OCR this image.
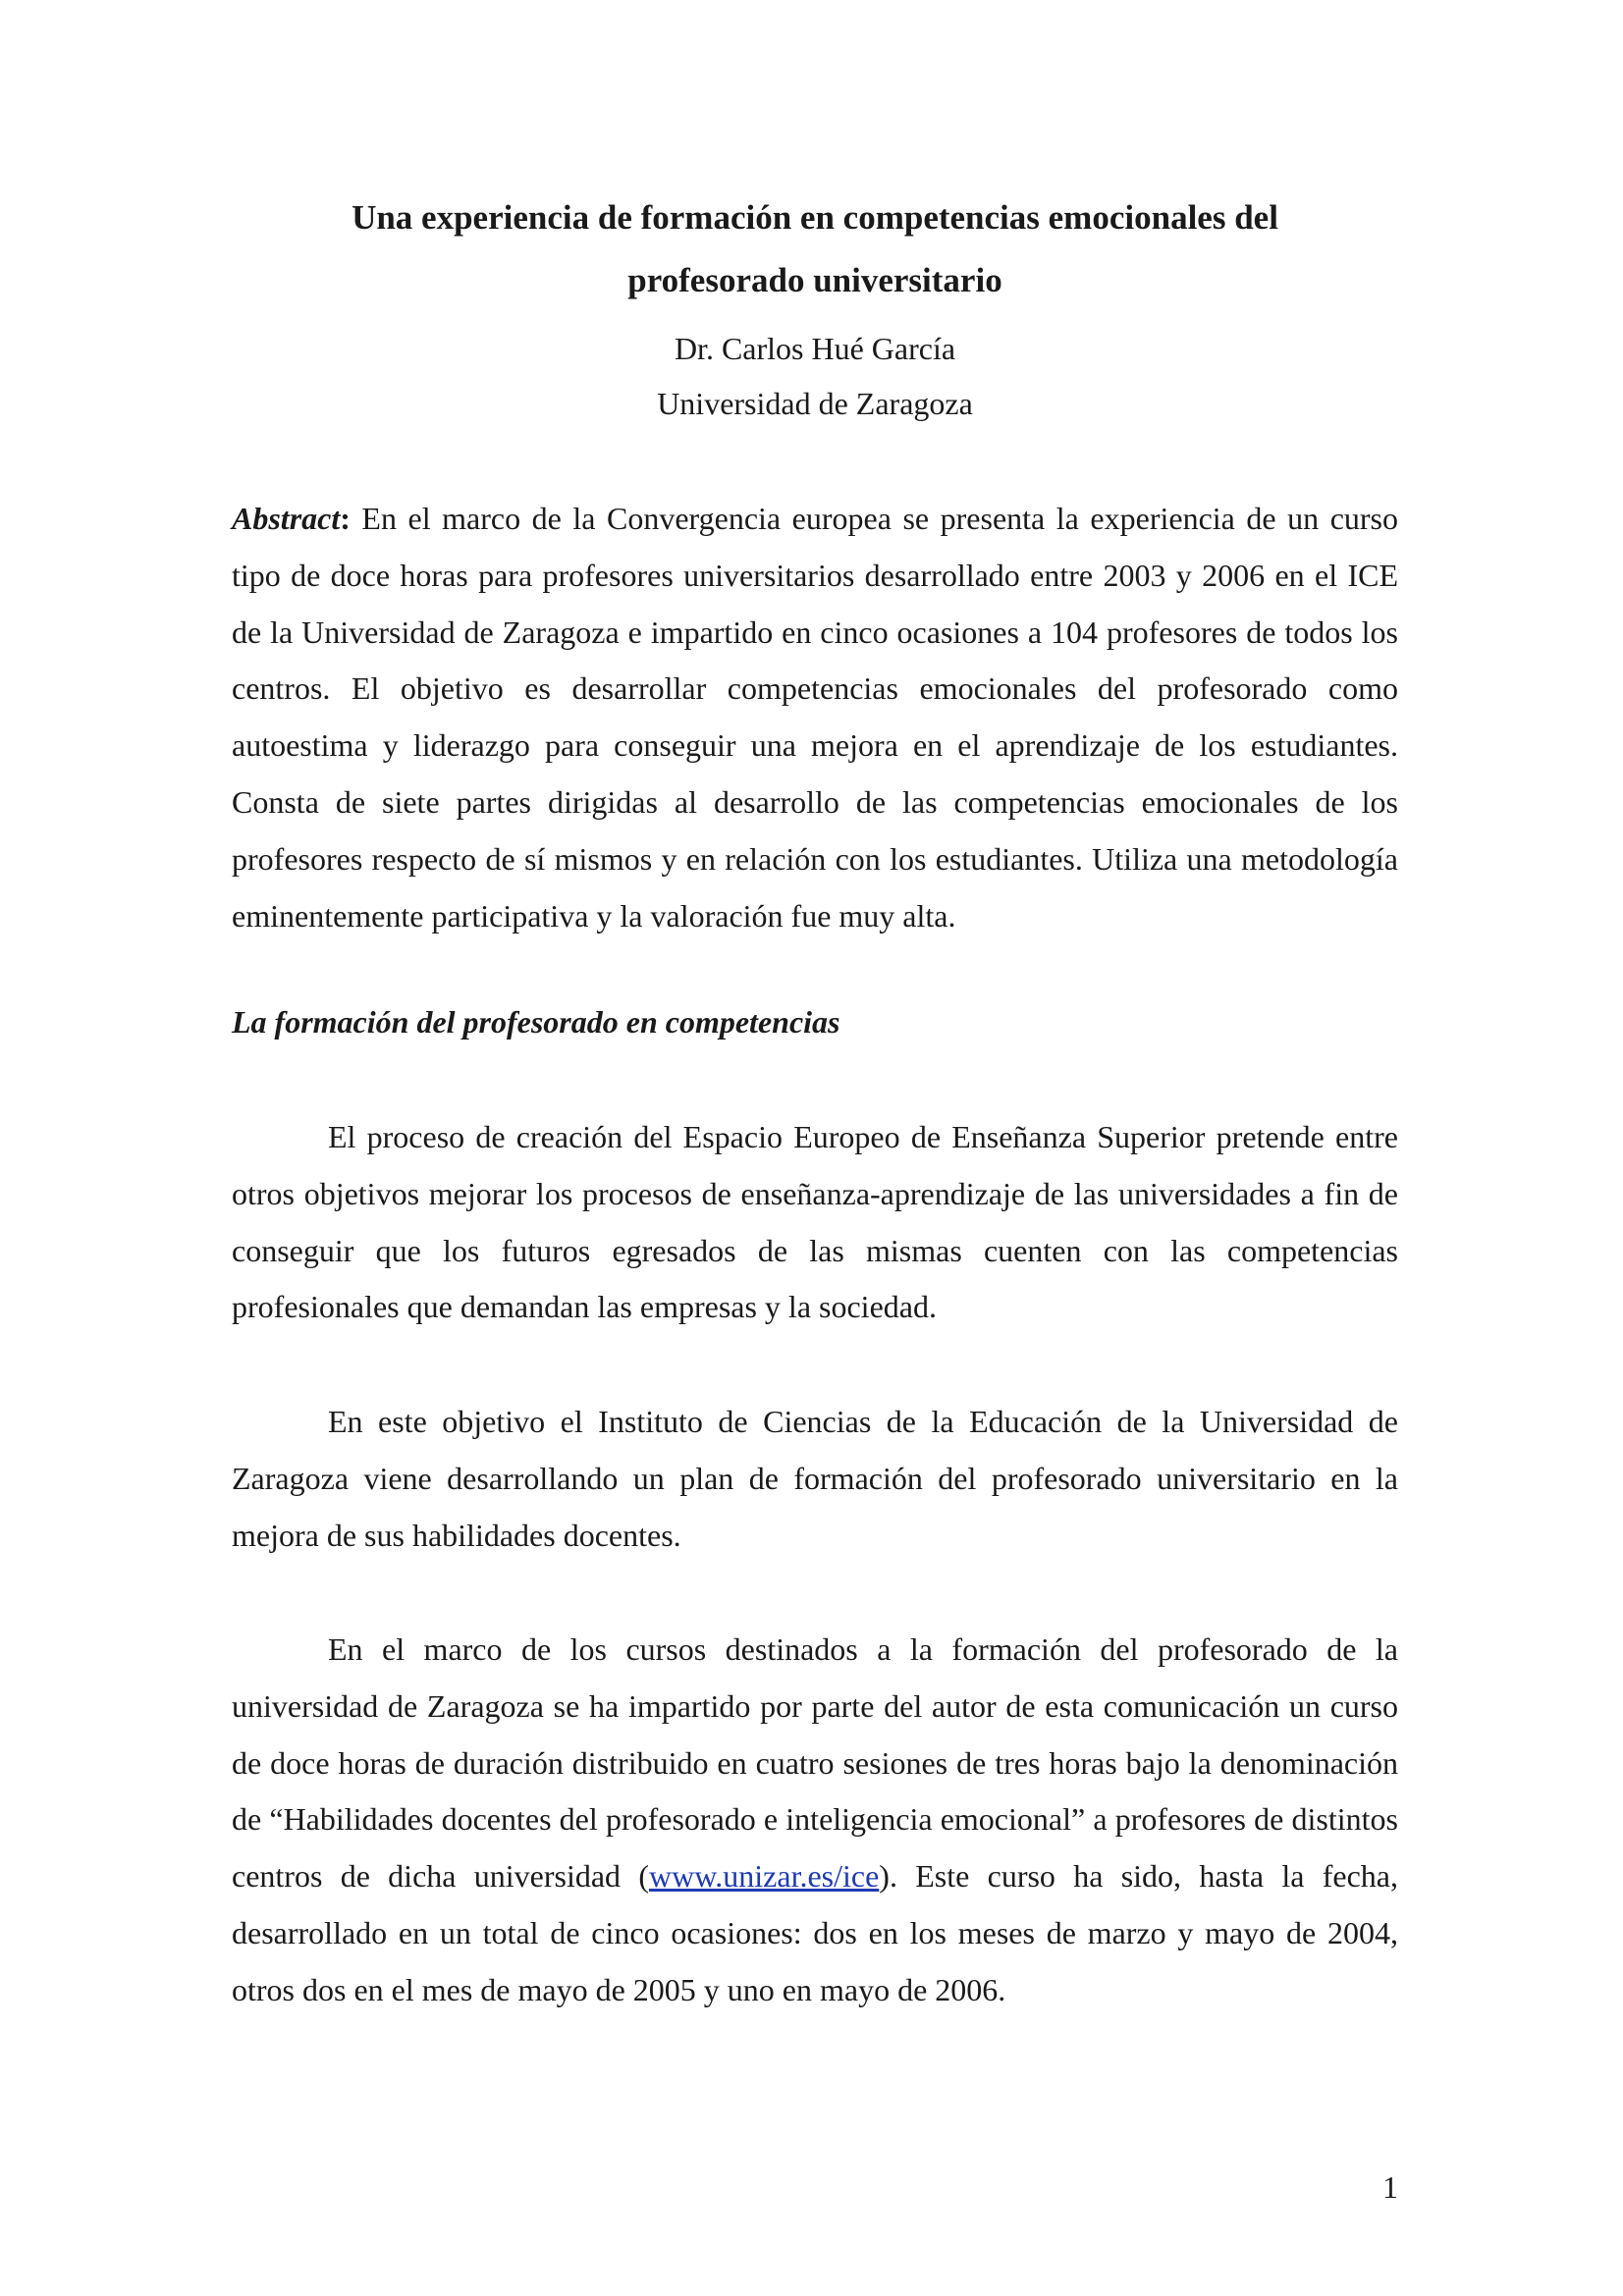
Una experiencia de formación en competencias emocionales del
profesorado universitario

Dr. Carlos Hué García

Universidad de Zaragoza

Abstract: En el marco de la Convergencia europea se presenta la experiencia de un curso tipo de doce horas para profesores universitarios desarrollado entre 2003 y 2006 en el ICE de la Universidad de Zaragoza e impartido en cinco ocasiones a 104 profesores de todos los centros. El objetivo es desarrollar competencias emocionales del profesorado como autoestima y liderazgo para conseguir una mejora en el aprendizaje de los estudiantes. Consta de siete partes dirigidas al desarrollo de las competencias emocionales de los profesores respecto de sí mismos y en relación con los estudiantes. Utiliza una metodología eminentemente participativa y la valoración fue muy alta.

La formación del profesorado en competencias

El proceso de creación del Espacio Europeo de Enseñanza Superior pretende entre otros objetivos mejorar los procesos de enseñanza-aprendizaje de las universidades a fin de conseguir que los futuros egresados de las mismas cuenten con las competencias profesionales que demandan las empresas y la sociedad.

En este objetivo el Instituto de Ciencias de la Educación de la Universidad de Zaragoza viene desarrollando un plan de formación del profesorado universitario en la mejora de sus habilidades docentes.

En el marco de los cursos destinados a la formación del profesorado de la universidad de Zaragoza se ha impartido por parte del autor de esta comunicación un curso de doce horas de duración distribuido en cuatro sesiones de tres horas bajo la denominación de “Habilidades docentes del profesorado e inteligencia emocional” a profesores de distintos centros de dicha universidad (www.unizar.es/ice). Este curso ha sido, hasta la fecha, desarrollado en un total de cinco ocasiones: dos en los meses de marzo y mayo de 2004, otros dos en el mes de mayo de 2005 y uno en mayo de 2006.

1
